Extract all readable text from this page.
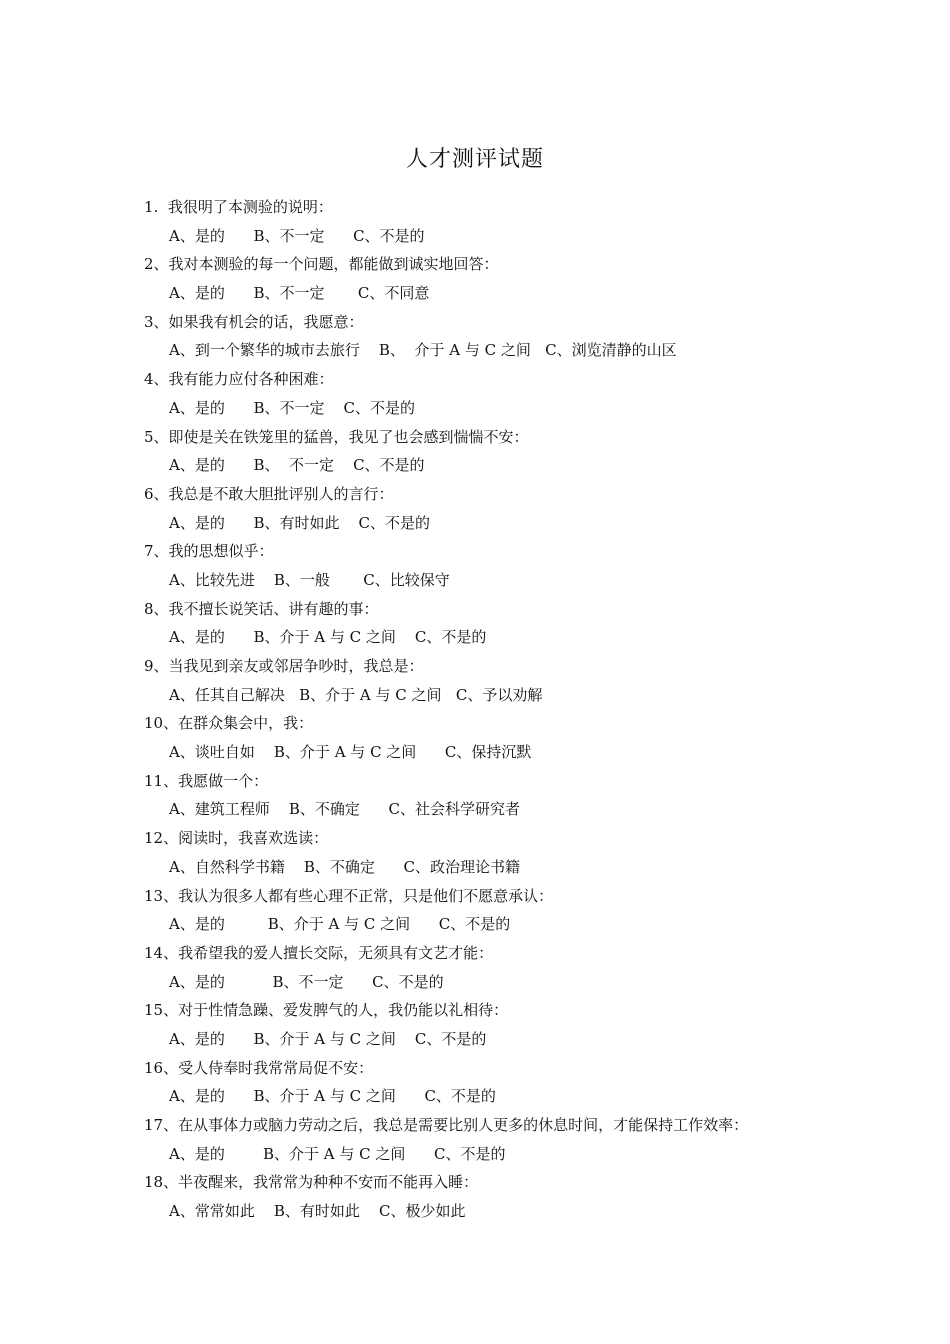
人才测评试题
1.  我很明了本测验的说明：
A、是的      B、不一定      C、不是的
2、我对本测验的每一个问题，都能做到诚实地回答：
A、是的      B、不一定       C、不同意
3、如果我有机会的话，我愿意：
A、到一个繁华的城市去旅行    B、  介于 A 与 C 之间   C、浏览清静的山区
4、我有能力应付各种困难：
A、是的      B、不一定    C、不是的
5、即使是关在铁笼里的猛兽，我见了也会感到惴惴不安：
A、是的      B、  不一定    C、不是的
6、我总是不敢大胆批评别人的言行：
A、是的      B、有时如此    C、不是的
7、我的思想似乎：
A、比较先进    B、一般       C、比较保守
8、我不擅长说笑话、讲有趣的事：
A、是的      B、介于 A 与 C 之间    C、不是的
9、当我见到亲友或邻居争吵时，我总是：
A、任其自己解决   B、介于 A 与 C 之间   C、予以劝解
10、在群众集会中，我：
A、谈吐自如    B、介于 A 与 C 之间      C、保持沉默
11、我愿做一个：
A、建筑工程师    B、不确定      C、社会科学研究者
12、阅读时，我喜欢选读：
A、自然科学书籍    B、不确定      C、政治理论书籍
13、我认为很多人都有些心理不正常，只是他们不愿意承认：
A、是的         B、介于 A 与 C 之间      C、不是的
14、我希望我的爱人擅长交际，无须具有文艺才能：
A、是的          B、不一定      C、不是的
15、对于性情急躁、爱发脾气的人，我仍能以礼相待：
A、是的      B、介于 A 与 C 之间    C、不是的
16、受人侍奉时我常常局促不安：
A、是的      B、介于 A 与 C 之间      C、不是的
17、在从事体力或脑力劳动之后，我总是需要比别人更多的休息时间，才能保持工作效率：
A、是的        B、介于 A 与 C 之间      C、不是的
18、半夜醒来，我常常为种种不安而不能再入睡：
A、常常如此    B、有时如此    C、极少如此
